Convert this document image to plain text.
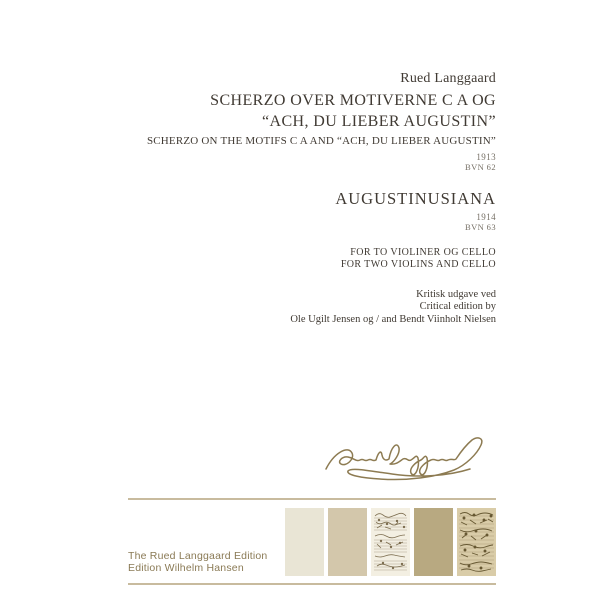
Rued Langgaard
SCHERZO OVER MOTIVERNE C A OG
“ACH, DU LIEBER AUGUSTIN”
SCHERZO ON THE MOTIFS C A AND “ACH, DU LIEBER AUGUSTIN”
1913
BVN 62
AUGUSTINUSIANA
1914
BVN 63
FOR TO VIOLINER OG CELLO
FOR TWO VIOLINS AND CELLO
Kritisk udgave ved
Critical edition by
Ole Ugilt Jensen og / and Bendt Viinholt Nielsen
The Rued Langgaard Edition
Edition Wilhelm Hansen
